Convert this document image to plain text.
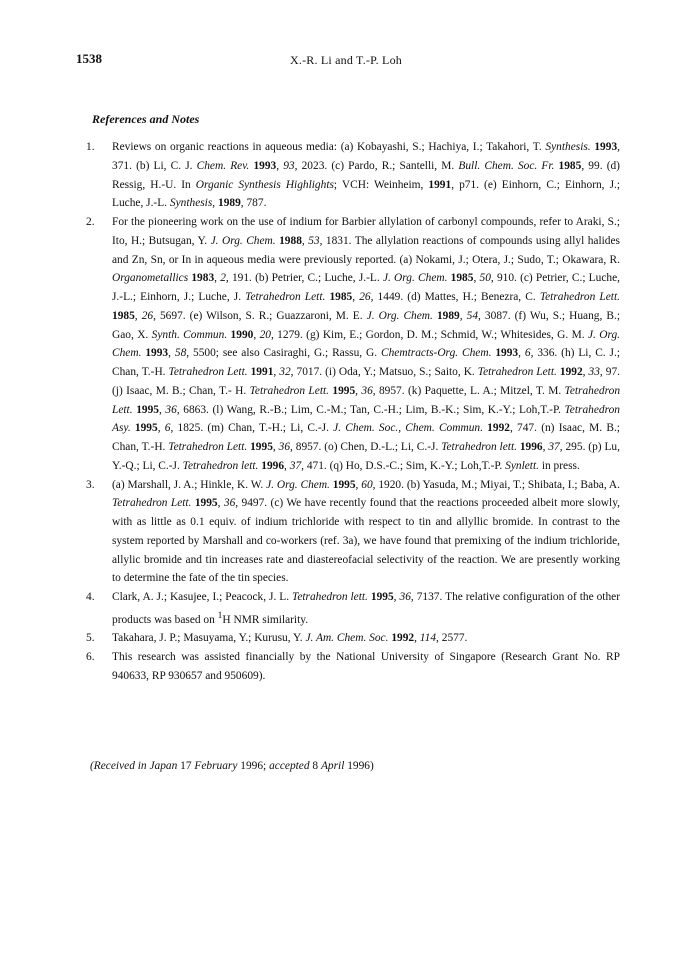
1538	X.-R. Li and T.-P. Loh
References and Notes
1. Reviews on organic reactions in aqueous media: (a) Kobayashi, S.; Hachiya, I.; Takahori, T. Synthesis. 1993, 371. (b) Li, C. J. Chem. Rev. 1993, 93, 2023. (c) Pardo, R.; Santelli, M. Bull. Chem. Soc. Fr. 1985, 99. (d) Ressig, H.-U. In Organic Synthesis Highlights; VCH: Weinheim, 1991, p71. (e) Einhorn, C.; Einhorn, J.; Luche, J.-L. Synthesis, 1989, 787.
2. For the pioneering work on the use of indium for Barbier allylation of carbonyl compounds, refer to Araki, S.; Ito, H.; Butsugan, Y. J. Org. Chem. 1988, 53, 1831. The allylation reactions of compounds using allyl halides and Zn, Sn, or In in aqueous media were previously reported. (a) Nokami, J.; Otera, J.; Sudo, T.; Okawara, R. Organometallics 1983, 2, 191. (b) Petrier, C.; Luche, J.-L. J. Org. Chem. 1985, 50, 910. (c) Petrier, C.; Luche, J.-L.; Einhorn, J.; Luche, J. Tetrahedron Lett. 1985, 26, 1449. (d) Mattes, H.; Benezra, C. Tetrahedron Lett. 1985, 26, 5697. (e) Wilson, S. R.; Guazzaroni, M. E. J. Org. Chem. 1989, 54, 3087. (f) Wu, S.; Huang, B.; Gao, X. Synth. Commun. 1990, 20, 1279. (g) Kim, E.; Gordon, D. M.; Schmid, W.; Whitesides, G. M. J. Org. Chem. 1993, 58, 5500; see also Casiraghi, G.; Rassu, G. Chemtracts-Org. Chem. 1993, 6, 336. (h) Li, C. J.; Chan, T.-H. Tetrahedron Lett. 1991, 32, 7017. (i) Oda, Y.; Matsuo, S.; Saito, K. Tetrahedron Lett. 1992, 33, 97. (j) Isaac, M. B.; Chan, T.- H. Tetrahedron Lett. 1995, 36, 8957. (k) Paquette, L. A.; Mitzel, T. M. Tetrahedron Lett. 1995, 36, 6863. (l) Wang, R.-B.; Lim, C.-M.; Tan, C.-H.; Lim, B.-K.; Sim, K.-Y.; Loh,T.-P. Tetrahedron Asy. 1995, 6, 1825. (m) Chan, T.-H.; Li, C.-J. J. Chem. Soc., Chem. Commun. 1992, 747. (n) Isaac, M. B.; Chan, T.-H. Tetrahedron Lett. 1995, 36, 8957. (o) Chen, D.-L.; Li, C.-J. Tetrahedron lett. 1996, 37, 295. (p) Lu, Y.-Q.; Li, C.-J. Tetrahedron lett. 1996, 37, 471. (q) Ho, D.S.-C.; Sim, K.-Y.; Loh,T.-P. Synlett. in press.
3. (a) Marshall, J. A.; Hinkle, K. W. J. Org. Chem. 1995, 60, 1920. (b) Yasuda, M.; Miyai, T.; Shibata, I.; Baba, A. Tetrahedron Lett. 1995, 36, 9497. (c) We have recently found that the reactions proceeded albeit more slowly, with as little as 0.1 equiv. of indium trichloride with respect to tin and allyllic bromide. In contrast to the system reported by Marshall and co-workers (ref. 3a), we have found that premixing of the indium trichloride, allylic bromide and tin increases rate and diastereofacial selectivity of the reaction. We are presently working to determine the fate of the tin species.
4. Clark, A. J.; Kasujee, I.; Peacock, J. L. Tetrahedron lett. 1995, 36, 7137. The relative configuration of the other products was based on $^1$H NMR similarity.
5. Takahara, J. P.; Masuyama, Y.; Kurusu, Y. J. Am. Chem. Soc. 1992, 114, 2577.
6. This research was assisted financially by the National University of Singapore (Research Grant No. RP 940633, RP 930657 and 950609).
(Received in Japan 17 February 1996; accepted 8 April 1996)
